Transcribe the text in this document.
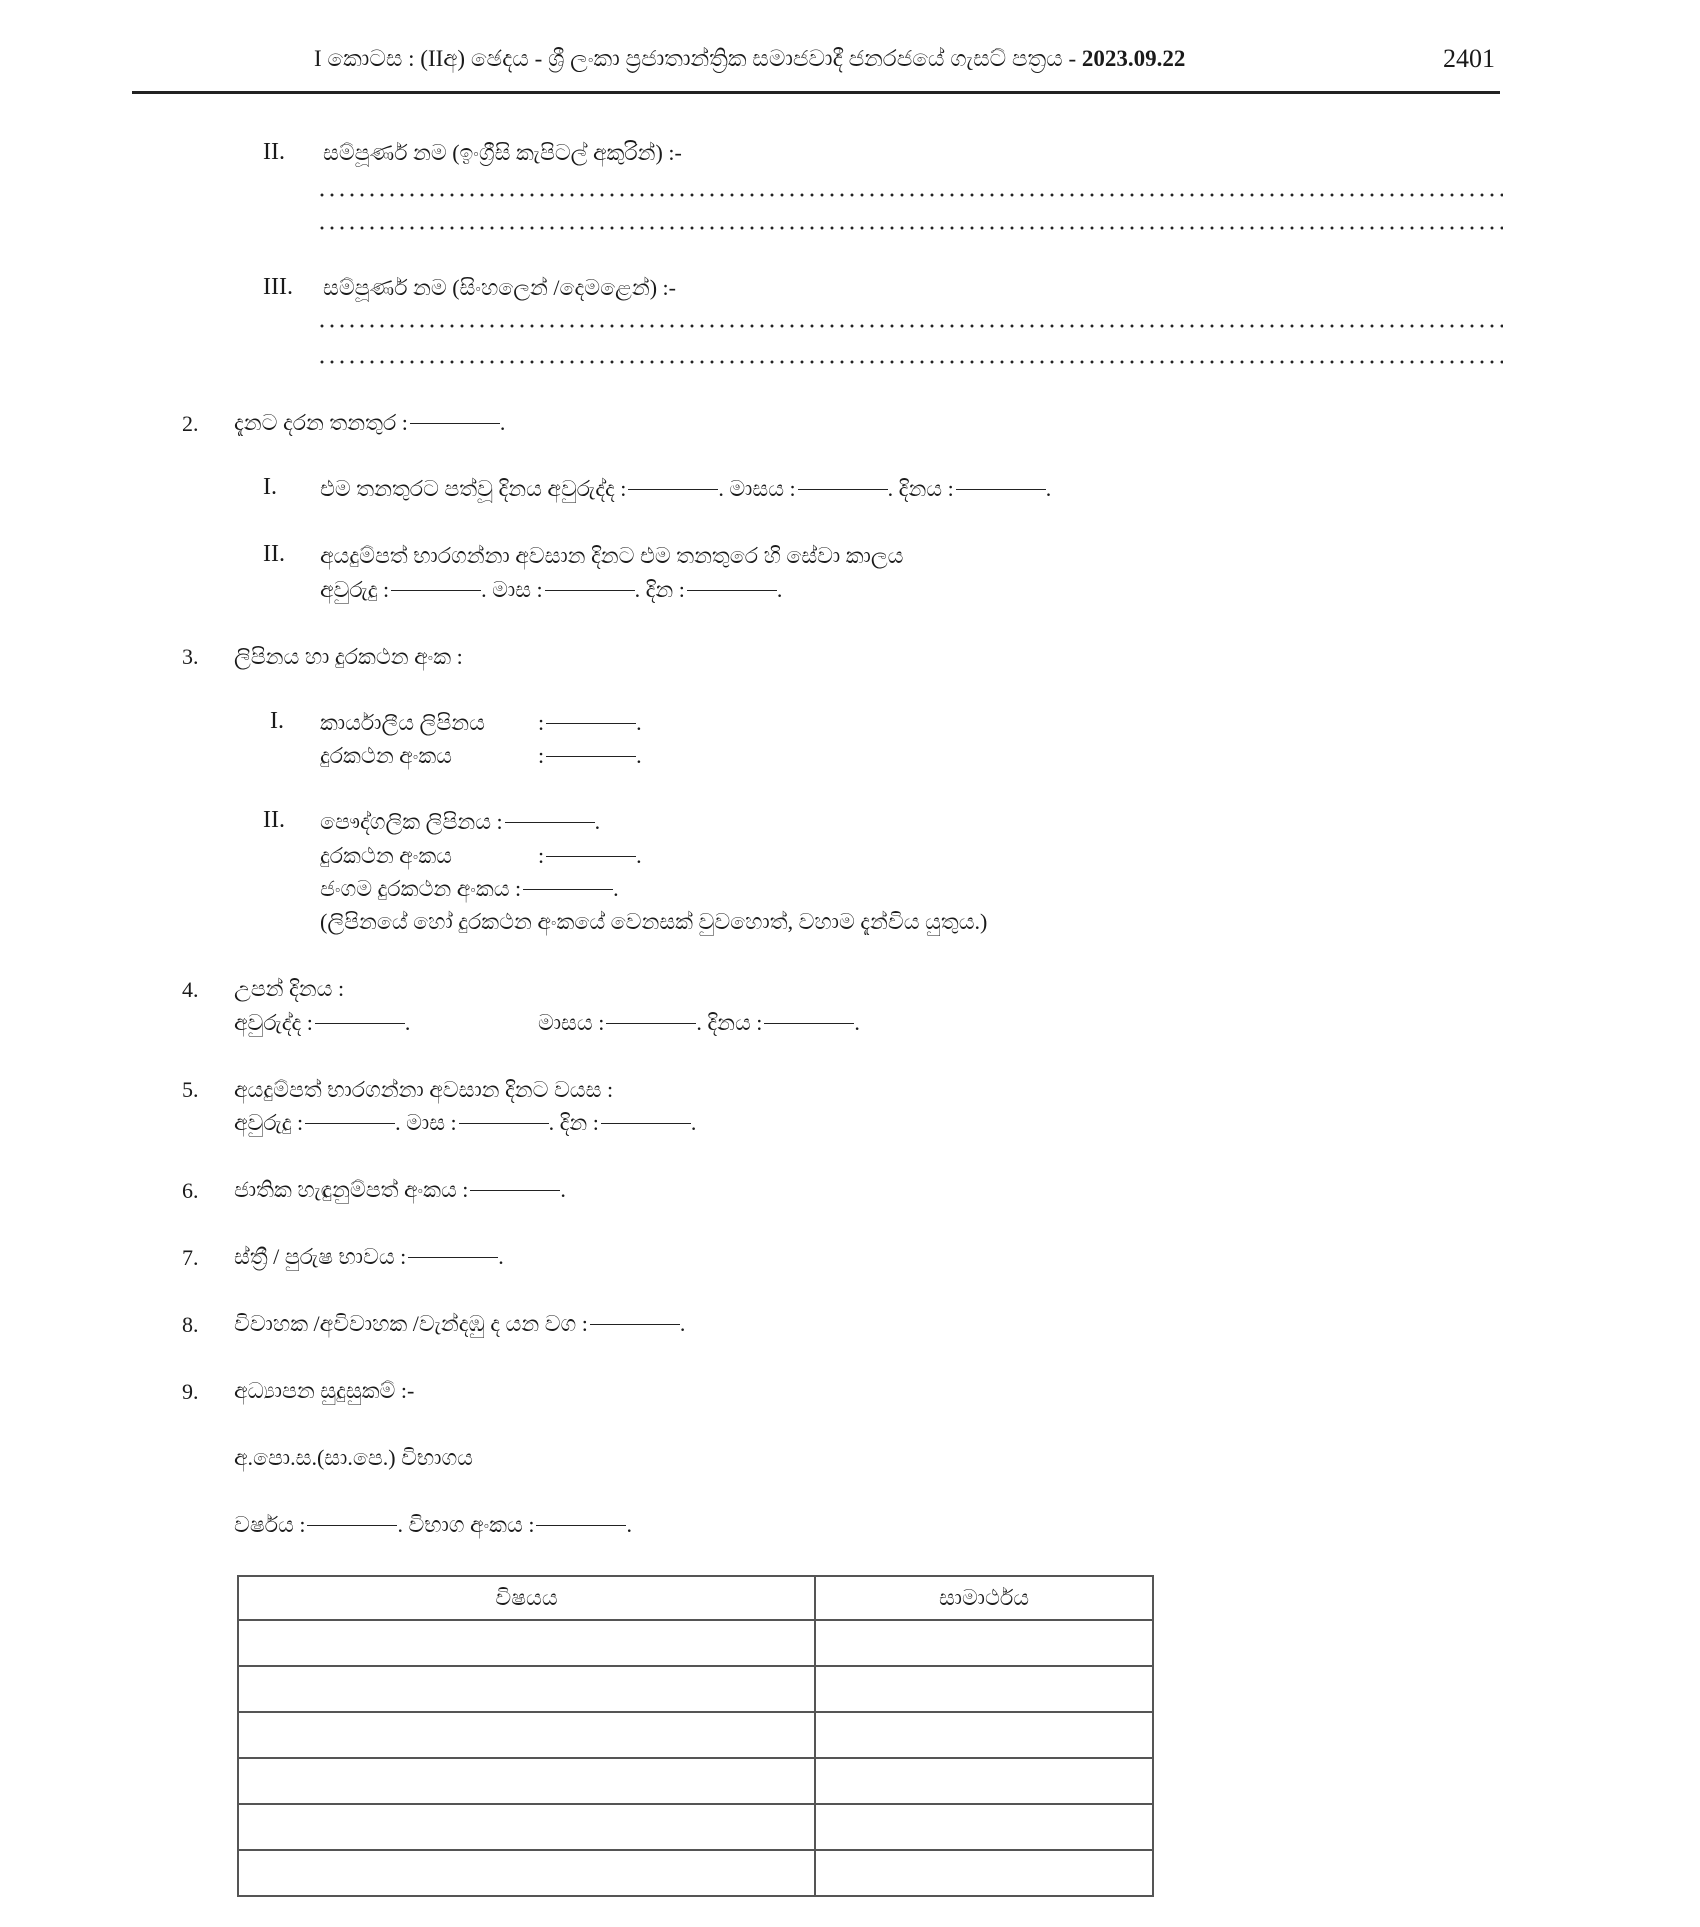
I කොටස : (IIඅ) ඡෙදය - ශ්‍රී ලංකා ප්‍රජාතාන්ත්‍රික සමාජවාදී ජනරජයේ ගැසට් පත්‍රය - 2023.09.22	2401
II. සම්පූර්ණ නම (ඉංග්‍රීසි කැපිටල් අකුරින්) :-
III. සම්පූර්ණ නම (සිංහලෙන් /දෙමළෙන්) :-
2. දැනට දරන තනතුර :	.
I. එම තනතුරට පත්වූ දිනය අවුරුද්ද :	. මාසය :	. දිනය :	.
II. අයදුම්පත් භාරගන්නා අවසාන දිනට එම තනතුරෙ හි සේවා කාලය
අවුරුදු :	. මාස :	. දින :	.
3. ලිපිනය හා දුරකථන අංක :
I. කාර්යාලීය ලිපිනය :	.
දුරකථන අංකය	:	.
II. පෞද්ගලික ලිපිනය :	.
දුරකථන අංකය	:	.
ජංගම දුරකථන අංකය :	.
(ලිපිනයේ හෝ දුරකථන අංකයේ වෙනසක් වුවහොත්, වහාම දැන්විය යුතුය.)
4. උපන් දිනය :
අවුරුද්ද :	.	මාසය :	. දිනය :	.
5. අයදුම්පත් භාරගන්නා අවසාන දිනට වයස :
අවුරුදු :	. මාස :	. දින :	.
6. ජාතික හැඳුනුම්පත් අංකය :	.
7. ස්ත්‍රී / පුරුෂ භාවය :	.
8. විවාහක /අවිවාහක /වැන්දඹු ද යන වග :	.
9. අධ්‍යාපන සුදුසුකම් :-
අ.පො.ස.(සා.පෙ.) විභාගය
වර්ෂය :	. විභාග අංකය :	.
විෂයය	සාමාර්ථය
